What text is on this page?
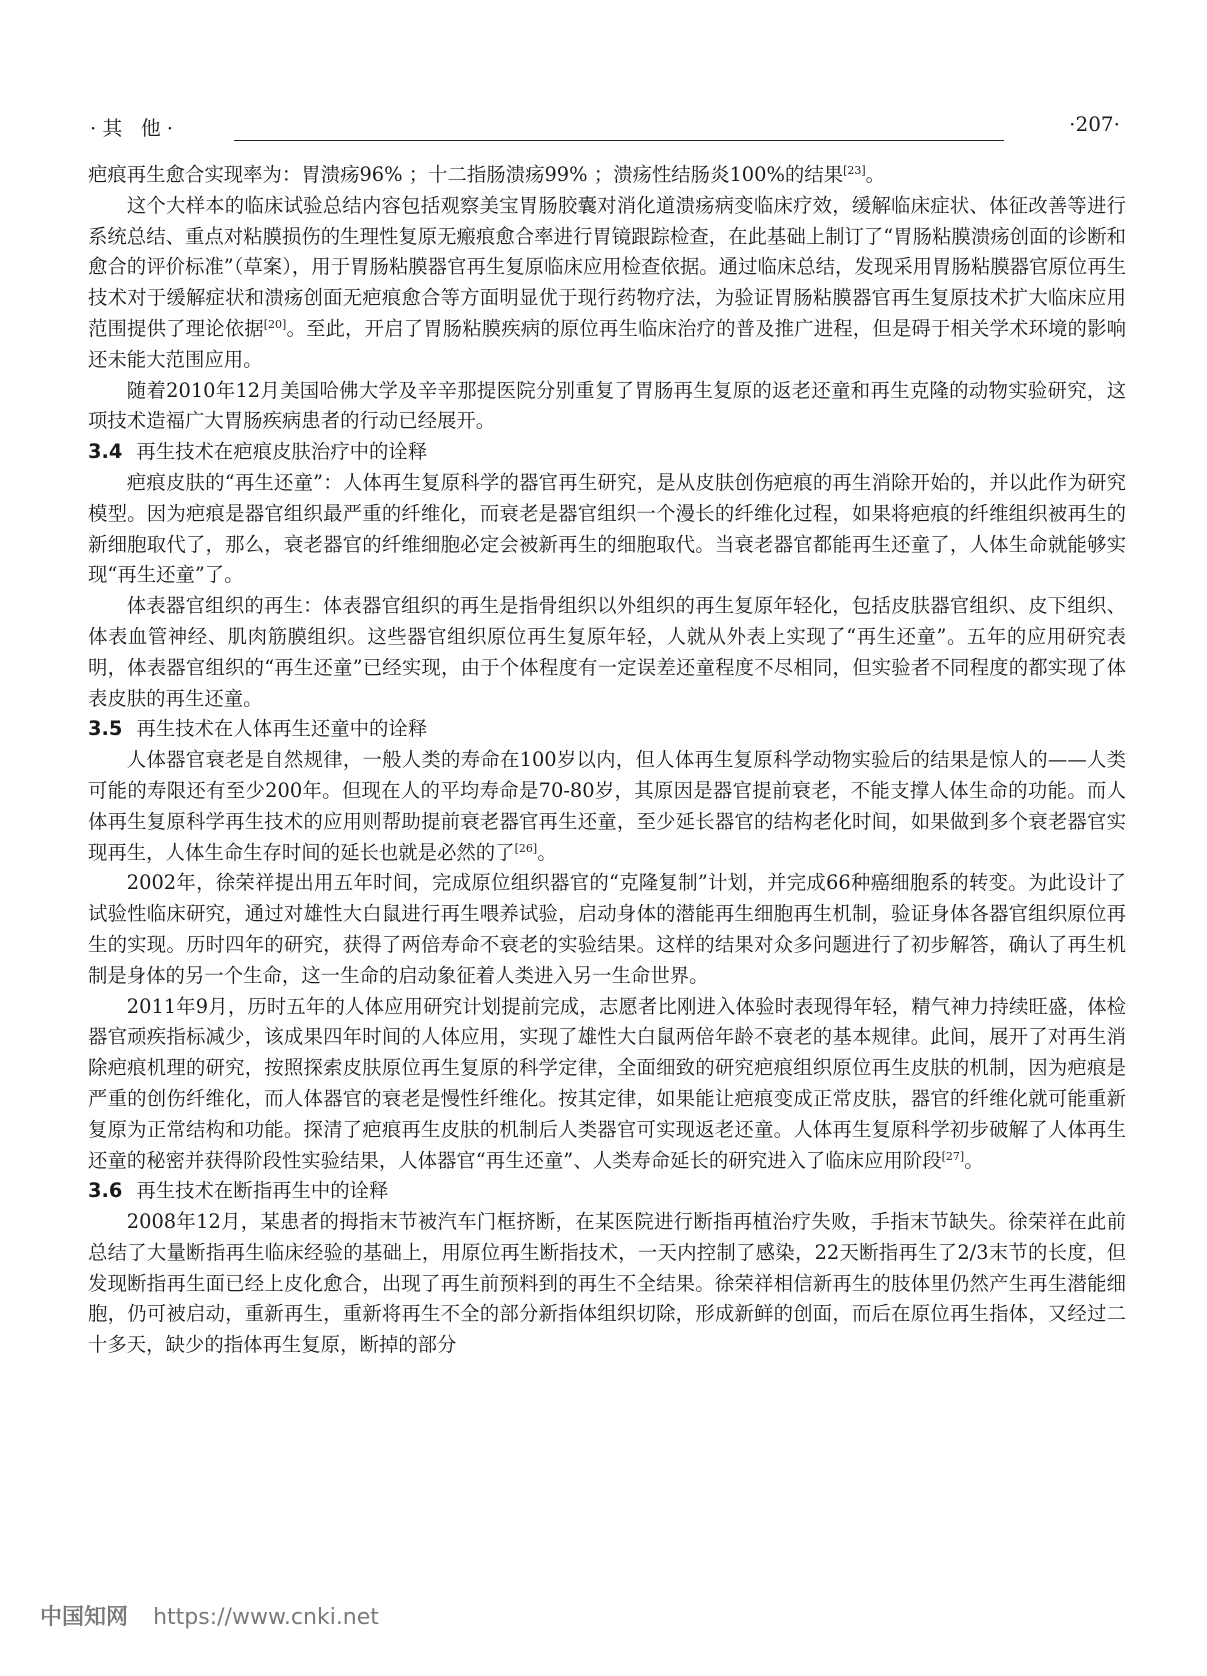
·其 他·	·207·

疤痕再生愈合实现率为：胃溃疡96% ；十二指肠溃疡99% ；溃疡性结肠炎100%的结果[23]。

这个大样本的临床试验总结内容包括观察美宝胃肠胶囊对消化道溃疡病变临床疗效，缓解临床症状、体征改善等进行系统总结、重点对粘膜损伤的生理性复原无瘢痕愈合率进行胃镜跟踪检查，在此基础上制订了“胃肠粘膜溃疡创面的诊断和愈合的评价标准”（草案），用于胃肠粘膜器官再生复原临床应用检查依据。通过临床总结，发现采用胃肠粘膜器官原位再生技术对于缓解症状和溃疡创面无疤痕愈合等方面明显优于现行药物疗法，为验证胃肠粘膜器官再生复原技术扩大临床应用范围提供了理论依据[20]。至此，开启了胃肠粘膜疾病的原位再生临床治疗的普及推广进程，但是碍于相关学术环境的影响还未能大范围应用。

随着2010年12月美国哈佛大学及辛辛那提医院分别重复了胃肠再生复原的返老还童和再生克隆的动物实验研究，这项技术造福广大胃肠疾病患者的行动已经展开。

3.4 再生技术在疤痕皮肤治疗中的诠释

疤痕皮肤的“再生还童”：人体再生复原科学的器官再生研究，是从皮肤创伤疤痕的再生消除开始的，并以此作为研究模型。因为疤痕是器官组织最严重的纤维化，而衰老是器官组织一个漫长的纤维化过程，如果将疤痕的纤维组织被再生的新细胞取代了，那么，衰老器官的纤维细胞必定会被新再生的细胞取代。当衰老器官都能再生还童了，人体生命就能够实现“再生还童”了。

体表器官组织的再生：体表器官组织的再生是指骨组织以外组织的再生复原年轻化，包括皮肤器官组织、皮下组织、体表血管神经、肌肉筋膜组织。这些器官组织原位再生复原年轻，人就从外表上实现了“再生还童”。五年的应用研究表明，体表器官组织的“再生还童”已经实现，由于个体程度有一定误差还童程度不尽相同，但实验者不同程度的都实现了体表皮肤的再生还童。

3.5 再生技术在人体再生还童中的诠释

人体器官衰老是自然规律，一般人类的寿命在100岁以内，但人体再生复原科学动物实验后的结果是惊人的——人类可能的寿限还有至少200年。但现在人的平均寿命是70-80岁，其原因是器官提前衰老，不能支撑人体生命的功能。而人体再生复原科学再生技术的应用则帮助提前衰老器官再生还童，至少延长器官的结构老化时间，如果做到多个衰老器官实现再生，人体生命生存时间的延长也就是必然的了[26]。

2002年，徐荣祥提出用五年时间，完成原位组织器官的“克隆复制”计划，并完成66种癌细胞系的转变。为此设计了试验性临床研究，通过对雄性大白鼠进行再生喂养试验，启动身体的潜能再生细胞再生机制，验证身体各器官组织原位再生的实现。历时四年的研究，获得了两倍寿命不衰老的实验结果。这样的结果对众多问题进行了初步解答，确认了再生机制是身体的另一个生命，这一生命的启动象征着人类进入另一生命世界。

2011年9月，历时五年的人体应用研究计划提前完成，志愿者比刚进入体验时表现得年轻，精气神力持续旺盛，体检器官顽疾指标减少，该成果四年时间的人体应用，实现了雄性大白鼠两倍年龄不衰老的基本规律。此间，展开了对再生消除疤痕机理的研究，按照探索皮肤原位再生复原的科学定律，全面细致的研究疤痕组织原位再生皮肤的机制，因为疤痕是严重的创伤纤维化，而人体器官的衰老是慢性纤维化。按其定律，如果能让疤痕变成正常皮肤，器官的纤维化就可能重新复原为正常结构和功能。探清了疤痕再生皮肤的机制后人类器官可实现返老还童。人体再生复原科学初步破解了人体再生还童的秘密并获得阶段性实验结果，人体器官“再生还童”、人类寿命延长的研究进入了临床应用阶段[27]。

3.6 再生技术在断指再生中的诠释

2008年12月，某患者的拇指末节被汽车门框挤断，在某医院进行断指再植治疗失败，手指末节缺失。徐荣祥在此前总结了大量断指再生临床经验的基础上，用原位再生断指技术，一天内控制了感染，22天断指再生了2/3末节的长度，但发现断指再生面已经上皮化愈合，出现了再生前预料到的再生不全结果。徐荣祥相信新再生的肢体里仍然产生再生潜能细胞，仍可被启动，重新再生，重新将再生不全的部分新指体组织切除，形成新鲜的创面，而后在原位再生指体，又经过二十多天，缺少的指体再生复原，断掉的部分

中国知网 https://www.cnki.net
